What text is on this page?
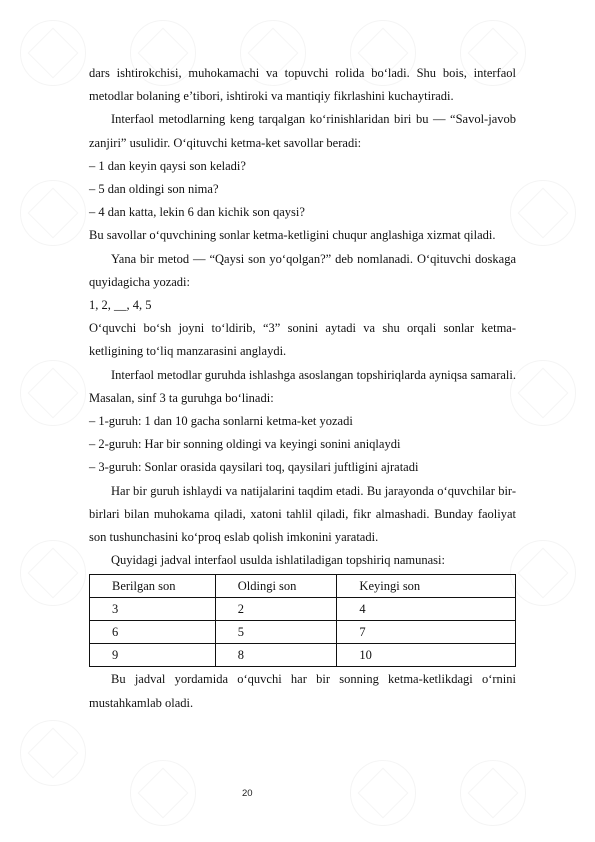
dars ishtirokchisi, muhokamachi va topuvchi rolida bo‘ladi. Shu bois, interfaol metodlar bolaning e’tibori, ishtiroki va mantiqiy fikrlashini kuchaytiradi.

Interfaol metodlarning keng tarqalgan ko‘rinishlaridan biri bu — “Savol-javob zanjiri” usulidir. O‘qituvchi ketma-ket savollar beradi:

– 1 dan keyin qaysi son keladi?

– 5 dan oldingi son nima?

– 4 dan katta, lekin 6 dan kichik son qaysi?

Bu savollar o‘quvchining sonlar ketma-ketligini chuqur anglashiga xizmat qiladi.

Yana bir metod — “Qaysi son yo‘qolgan?” deb nomlanadi. O‘qituvchi doskaga quyidagicha yozadi:

1, 2, __, 4, 5

O‘quvchi bo‘sh joyni to‘ldirib, “3” sonini aytadi va shu orqali sonlar ketma-ketligining to‘liq manzarasini anglaydi.

Interfaol metodlar guruhda ishlashga asoslangan topshiriqlarda ayniqsa samarali. Masalan, sinf 3 ta guruhga bo‘linadi:

– 1-guruh: 1 dan 10 gacha sonlarni ketma-ket yozadi

– 2-guruh: Har bir sonning oldingi va keyingi sonini aniqlaydi

– 3-guruh: Sonlar orasida qaysilari toq, qaysilari juftligini ajratadi

Har bir guruh ishlaydi va natijalarini taqdim etadi. Bu jarayonda o‘quvchilar bir-birlari bilan muhokama qiladi, xatoni tahlil qiladi, fikr almashadi. Bunday faoliyat son tushunchasini ko‘proq eslab qolish imkonini yaratadi.

Quyidagi jadval interfaol usulda ishlatiladigan topshiriq namunasi:

Berilgan son	Oldingi son	Keyingi son
3	2	4
6	5	7
9	8	10

Bu jadval yordamida o‘quvchi har bir sonning ketma-ketlikdagi o‘rnini mustahkamlab oladi.

20
